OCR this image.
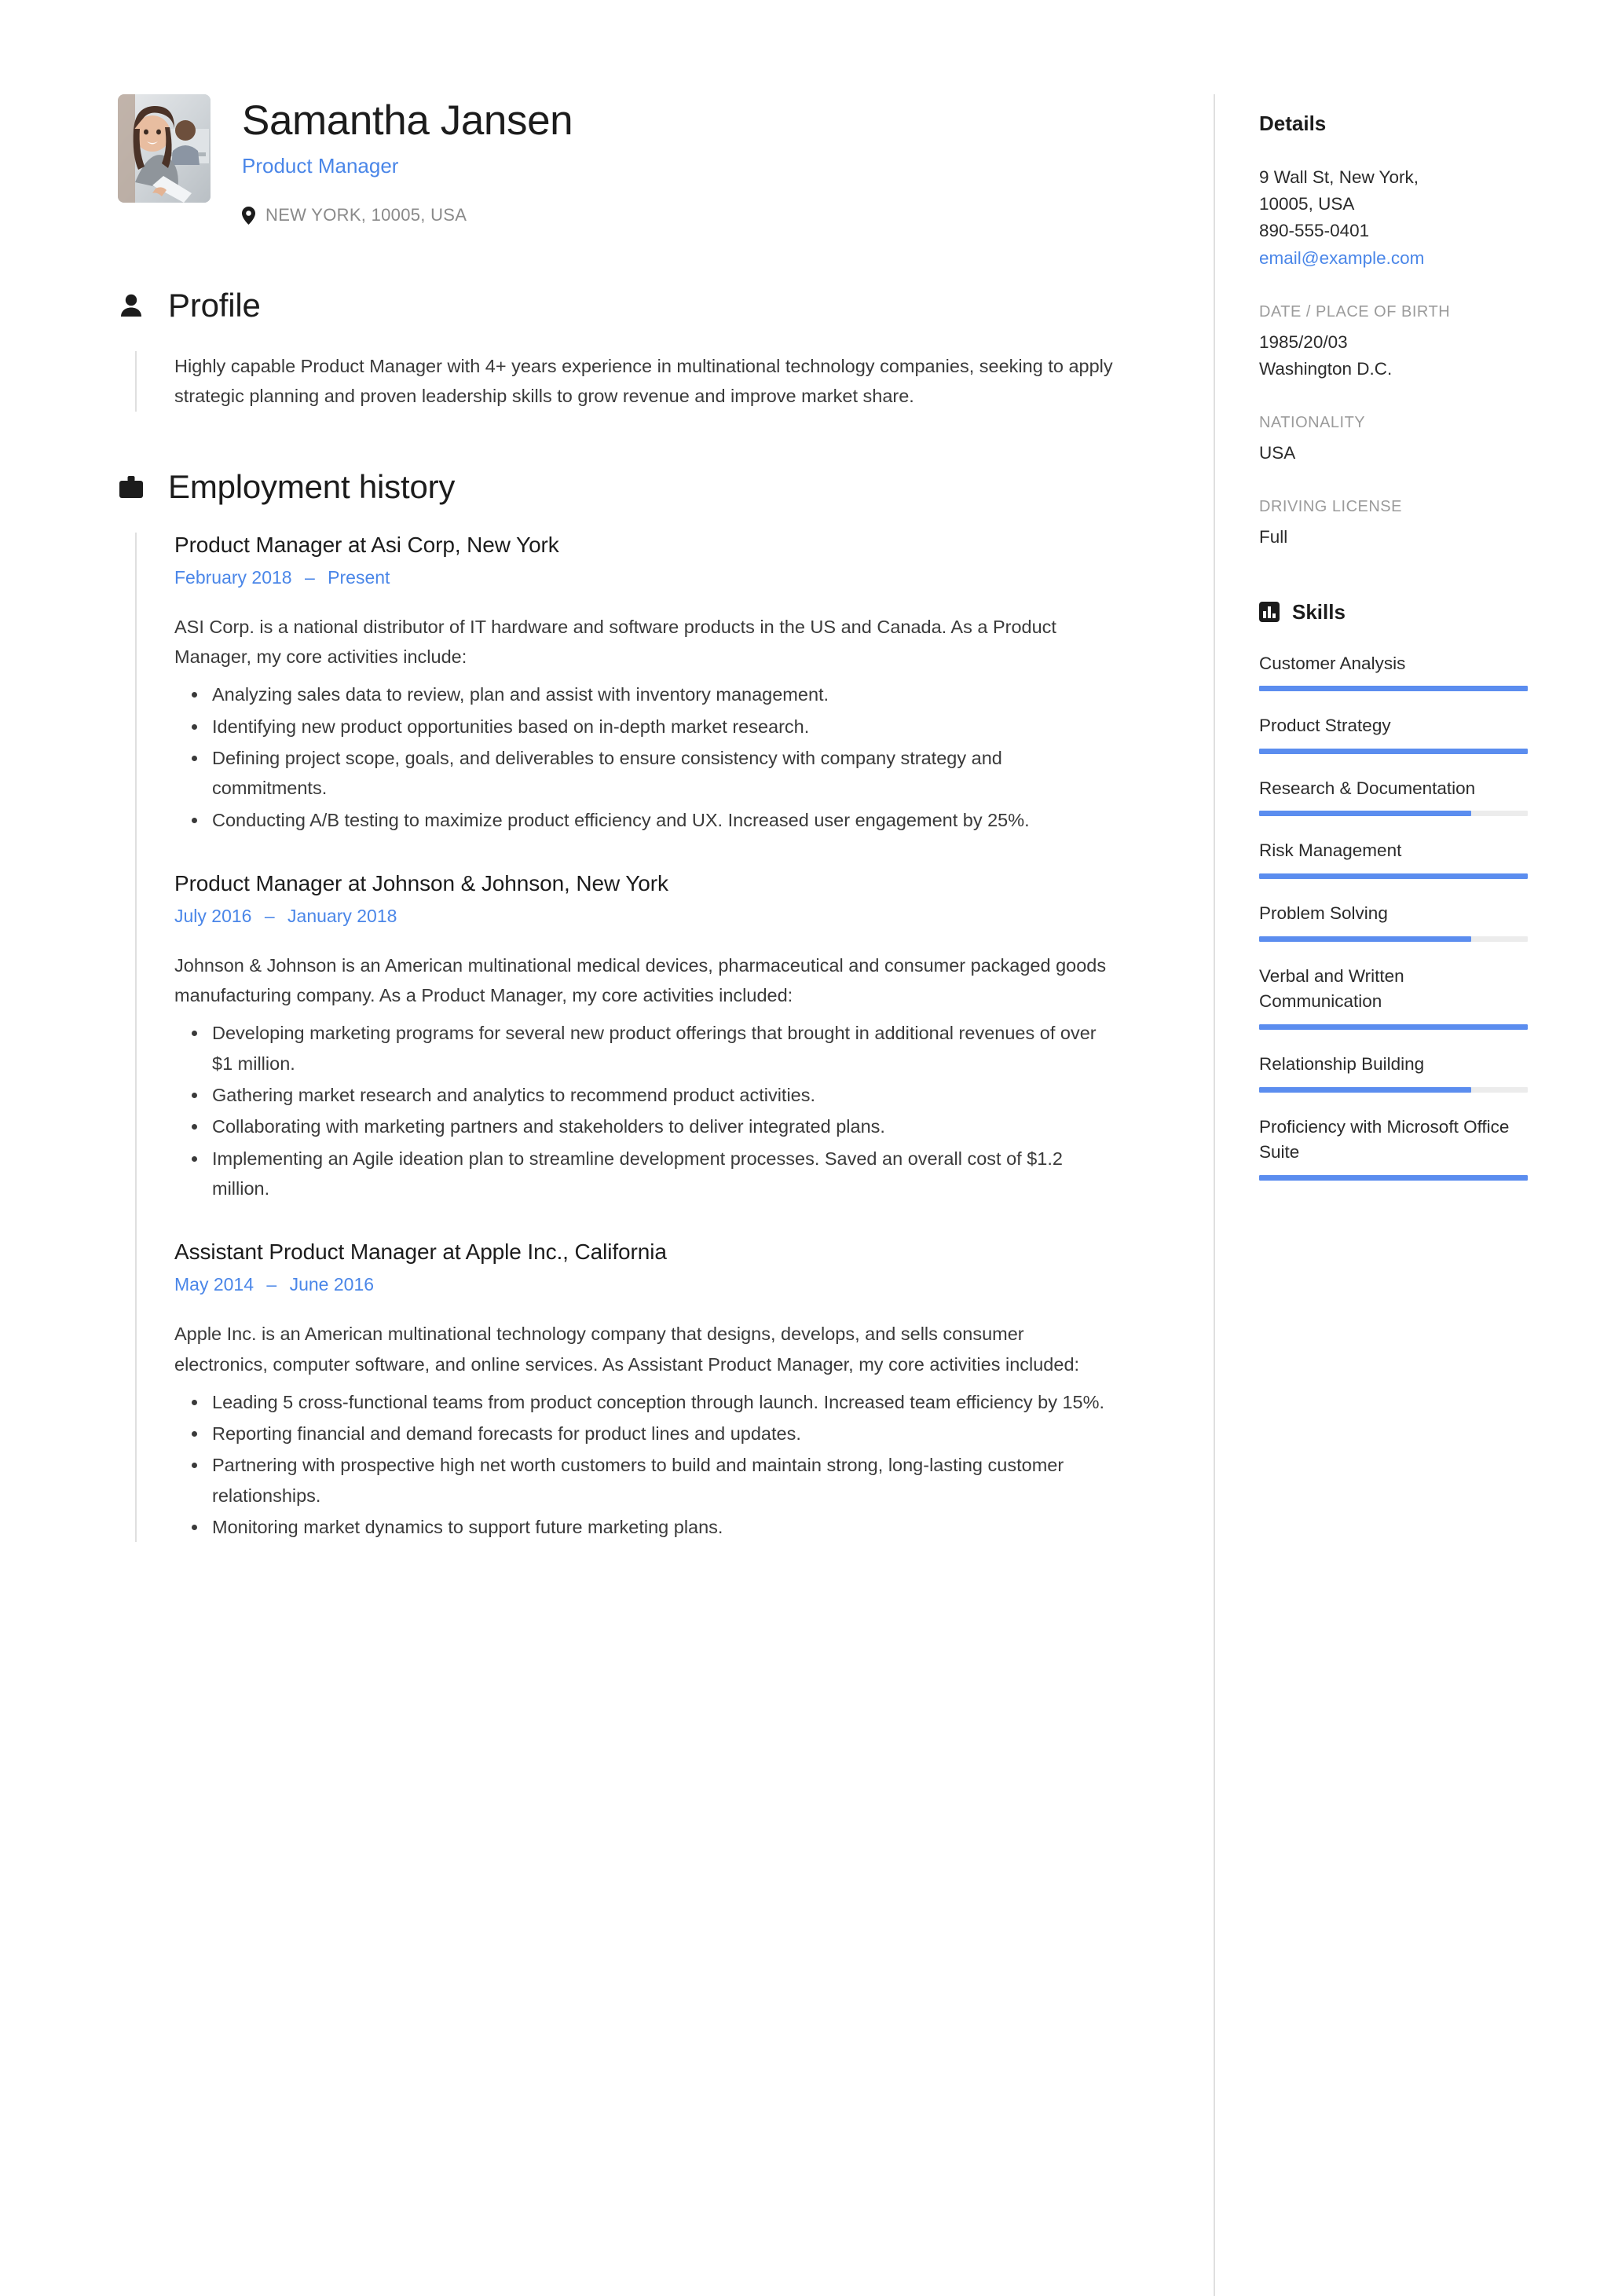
Samantha Jansen
Product Manager
NEW YORK, 10005, USA
Profile

Highly capable Product Manager with 4+ years experience in multinational technology companies, seeking to apply strategic planning and proven leadership skills to grow revenue and improve market share.

Employment history
Product Manager at Asi Corp, New York
February 2018 – Present

ASI Corp. is a national distributor of IT hardware and software products in the US and Canada. As a Product Manager, my core activities include:

Analyzing sales data to review, plan and assist with inventory management.
Identifying new product opportunities based on in-depth market research.
Defining project scope, goals, and deliverables to ensure consistency with company strategy and commitments.
Conducting A/B testing to maximize product efficiency and UX. Increased user engagement by 25%.
Product Manager at Johnson & Johnson, New York
July 2016 – January 2018

Johnson & Johnson is an American multinational medical devices, pharmaceutical and consumer packaged goods manufacturing company. As a Product Manager, my core activities included:

Developing marketing programs for several new product offerings that brought in additional revenues of over $1 million.
Gathering market research and analytics to recommend product activities.
Collaborating with marketing partners and stakeholders to deliver integrated plans.
Implementing an Agile ideation plan to streamline development processes. Saved an overall cost of $1.2 million.
Assistant Product Manager at Apple Inc., California
May 2014 – June 2016

Apple Inc. is an American multinational technology company that designs, develops, and sells consumer electronics, computer software, and online services. As Assistant Product Manager, my core activities included:

Leading 5 cross-functional teams from product conception through launch. Increased team efficiency by 15%.
Reporting financial and demand forecasts for product lines and updates.
Partnering with prospective high net worth customers to build and maintain strong, long-lasting customer relationships.
Monitoring market dynamics to support future marketing plans.
Details
9 Wall St, New York,
10005, USA
890-555-0401
email@example.com
DATE / PLACE OF BIRTH
1985/20/03
Washington D.C.
NATIONALITY
USA
DRIVING LICENSE
Full
Skills
Customer Analysis
Product Strategy
Research & Documentation
Risk Management
Problem Solving
Verbal and Written Communication
Relationship Building
Proficiency with Microsoft Office Suite
